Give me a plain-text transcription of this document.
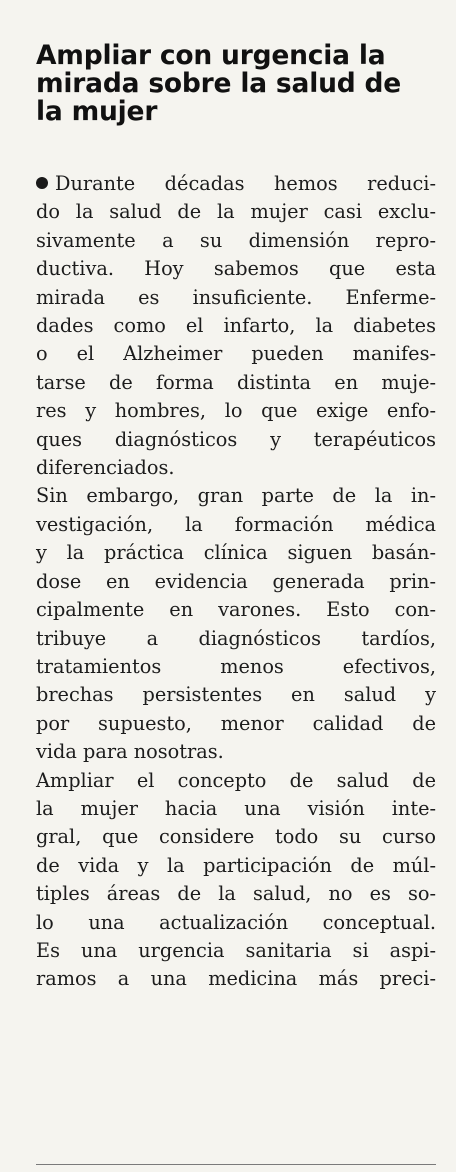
Ampliar con urgencia la
mirada sobre la salud de
la mujer
Durante décadas hemos reduci-
do la salud de la mujer casi exclu-
sivamente a su dimensión repro-
ductiva. Hoy sabemos que esta
mirada es insuficiente. Enferme-
dades como el infarto, la diabetes
o el Alzheimer pueden manifes-
tarse de forma distinta en muje-
res y hombres, lo que exige enfo-
ques diagnósticos y terapéuticos
diferenciados.
Sin embargo, gran parte de la in-
vestigación, la formación médica
y la práctica clínica siguen basán-
dose en evidencia generada prin-
cipalmente en varones. Esto con-
tribuye a diagnósticos tardíos,
tratamientos menos efectivos,
brechas persistentes en salud y
por supuesto, menor calidad de
vida para nosotras.
Ampliar el concepto de salud de
la mujer hacia una visión inte-
gral, que considere todo su curso
de vida y la participación de múl-
tiples áreas de la salud, no es so-
lo una actualización conceptual.
Es una urgencia sanitaria si aspi-
ramos a una medicina más preci-
